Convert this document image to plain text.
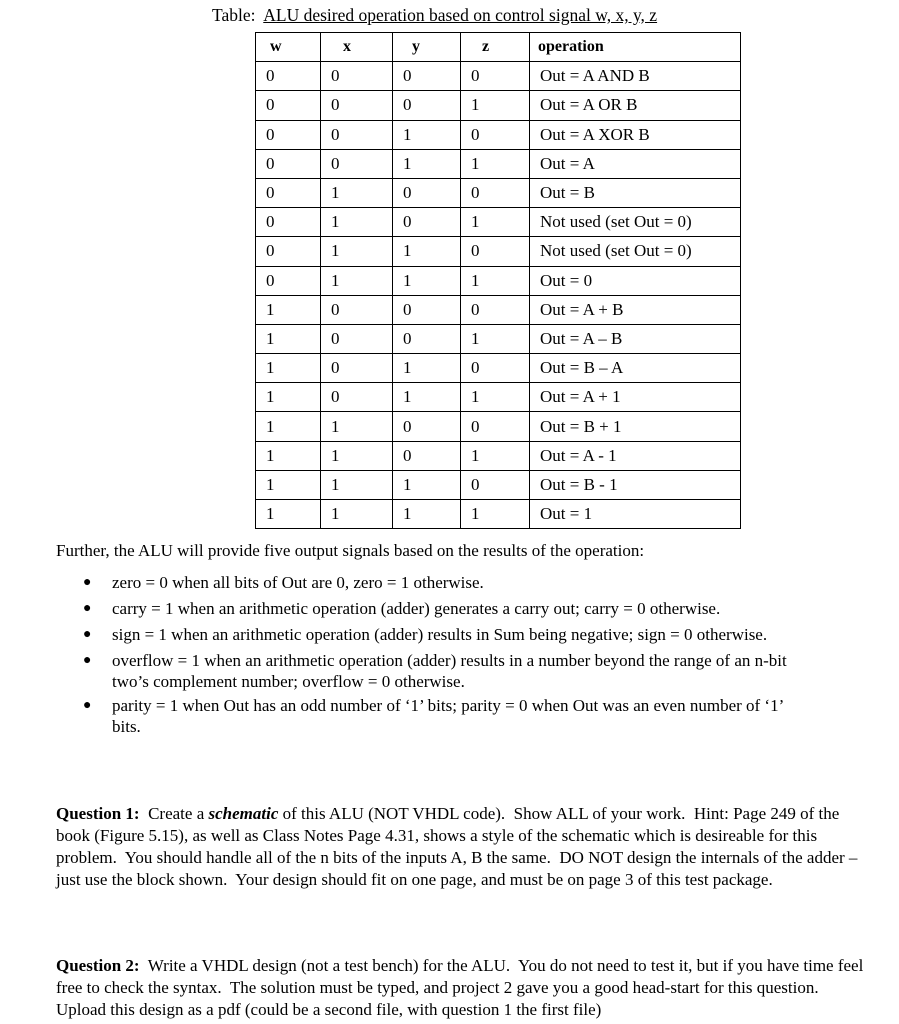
Table:  ALU desired operation based on control signal w, x, y, z
w	x	y	z	operation
0	0	0	0	Out = A AND B
0	0	0	1	Out = A OR B
0	0	1	0	Out = A XOR B
0	0	1	1	Out = A
0	1	0	0	Out = B
0	1	0	1	Not used (set Out = 0)
0	1	1	0	Not used (set Out = 0)
0	1	1	1	Out = 0
1	0	0	0	Out = A + B
1	0	0	1	Out = A – B
1	0	1	0	Out = B – A
1	0	1	1	Out = A + 1
1	1	0	0	Out = B + 1
1	1	0	1	Out = A - 1
1	1	1	0	Out = B - 1
1	1	1	1	Out = 1
Further, the ALU will provide five output signals based on the results of the operation:
● zero = 0 when all bits of Out are 0, zero = 1 otherwise.
● carry = 1 when an arithmetic operation (adder) generates a carry out; carry = 0 otherwise.
● sign = 1 when an arithmetic operation (adder) results in Sum being negative; sign = 0 otherwise.
● overflow = 1 when an arithmetic operation (adder) results in a number beyond the range of an n-bit
two’s complement number; overflow = 0 otherwise.
● parity = 1 when Out has an odd number of ‘1’ bits; parity = 0 when Out was an even number of ‘1’
bits.
Question 1:  Create a schematic of this ALU (NOT VHDL code).  Show ALL of your work.  Hint: Page 249 of the book (Figure 5.15), as well as Class Notes Page 4.31, shows a style of the schematic which is desireable for this problem.  You should handle all of the n bits of the inputs A, B the same.  DO NOT design the internals of the adder – just use the block shown.  Your design should fit on one page, and must be on page 3 of this test package.
Question 2:  Write a VHDL design (not a test bench) for the ALU.  You do not need to test it, but if you have time feel free to check the syntax.  The solution must be typed, and project 2 gave you a good head-start for this question.  Upload this design as a pdf (could be a second file, with question 1 the first file)
